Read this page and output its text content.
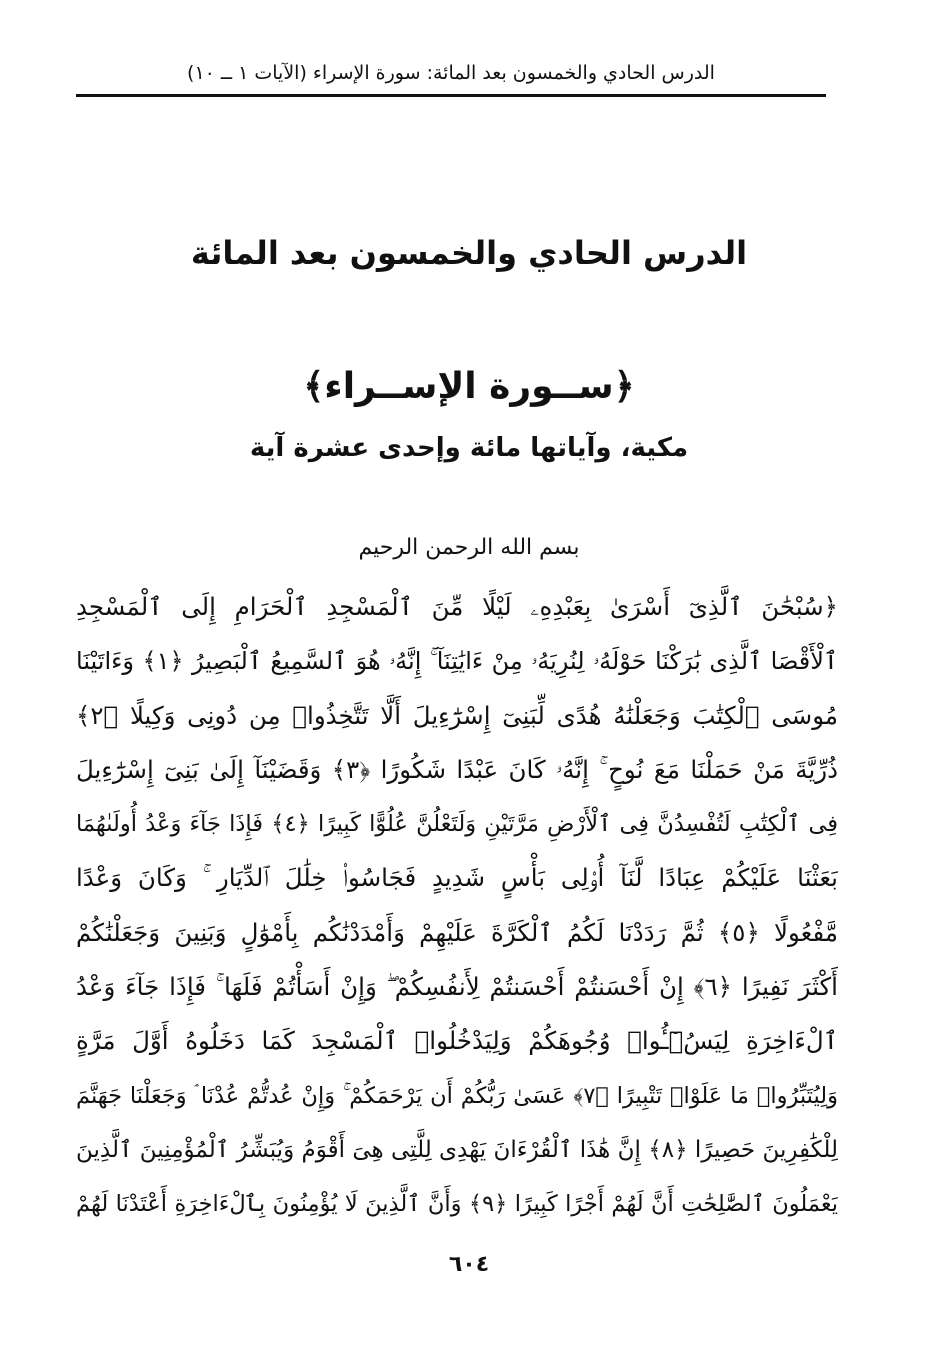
الدرس الحادي والخمسون بعد المائة: سورة الإسراء (الآيات ١ ــ ١٠)
الدرس الحادي والخمسون بعد المائة
﴿ســورة الإســراء﴾
مكية، وآياتها مائة وإحدى عشرة آية
بسم الله الرحمن الرحيم
﴿سُبْحَٰنَ ٱلَّذِىٓ أَسْرَىٰ بِعَبْدِهِۦ لَيْلًا مِّنَ ٱلْمَسْجِدِ ٱلْحَرَامِ إِلَى ٱلْمَسْجِدِ
ٱلْأَقْصَا ٱلَّذِى بَٰرَكْنَا حَوْلَهُۥ لِنُرِيَهُۥ مِنْ ءَايَٰتِنَآ ۚ إِنَّهُۥ هُوَ ٱلسَّمِيعُ ٱلْبَصِيرُ ﴿١﴾ وَءَاتَيْنَا
مُوسَى ٱلْكِتَٰبَ وَجَعَلْنَٰهُ هُدًى لِّبَنِىٓ إِسْرَٰٓءِيلَ أَلَّا تَتَّخِذُوا۟ مِن دُونِى وَكِيلًا ﴿٢﴾
ذُرِّيَّةَ مَنْ حَمَلْنَا مَعَ نُوحٍ ۚ إِنَّهُۥ كَانَ عَبْدًا شَكُورًا ﴿٣﴾ وَقَضَيْنَآ إِلَىٰ بَنِىٓ إِسْرَٰٓءِيلَ
فِى ٱلْكِتَٰبِ لَتُفْسِدُنَّ فِى ٱلْأَرْضِ مَرَّتَيْنِ وَلَتَعْلُنَّ عُلُوًّا كَبِيرًا ﴿٤﴾ فَإِذَا جَآءَ وَعْدُ أُولَىٰهُمَا
بَعَثْنَا عَلَيْكُمْ عِبَادًا لَّنَآ أُو۟لِى بَأْسٍ شَدِيدٍ فَجَاسُوا۟ خِلَٰلَ ٱلدِّيَارِ ۚ وَكَانَ وَعْدًا
مَّفْعُولًا ﴿٥﴾ ثُمَّ رَدَدْنَا لَكُمُ ٱلْكَرَّةَ عَلَيْهِمْ وَأَمْدَدْنَٰكُم بِأَمْوَٰلٍ وَبَنِينَ وَجَعَلْنَٰكُمْ
أَكْثَرَ نَفِيرًا ﴿٦﴾ إِنْ أَحْسَنتُمْ أَحْسَنتُمْ لِأَنفُسِكُمْ ۖ وَإِنْ أَسَأْتُمْ فَلَهَا ۚ فَإِذَا جَآءَ وَعْدُ
ٱلْءَاخِرَةِ لِيَسُۥٓـُٔوا۟ وُجُوهَكُمْ وَلِيَدْخُلُوا۟ ٱلْمَسْجِدَ كَمَا دَخَلُوهُ أَوَّلَ مَرَّةٍ
وَلِيُتَبِّرُوا۟ مَا عَلَوْا۟ تَتْبِيرًا ﴿٧﴾ عَسَىٰ رَبُّكُمْ أَن يَرْحَمَكُمْ ۚ وَإِنْ عُدتُّمْ عُدْنَا ۘ وَجَعَلْنَا جَهَنَّمَ
لِلْكَٰفِرِينَ حَصِيرًا ﴿٨﴾ إِنَّ هَٰذَا ٱلْقُرْءَانَ يَهْدِى لِلَّتِى هِىَ أَقْوَمُ وَيُبَشِّرُ ٱلْمُؤْمِنِينَ ٱلَّذِينَ
يَعْمَلُونَ ٱلصَّٰلِحَٰتِ أَنَّ لَهُمْ أَجْرًا كَبِيرًا ﴿٩﴾ وَأَنَّ ٱلَّذِينَ لَا يُؤْمِنُونَ بِٱلْءَاخِرَةِ أَعْتَدْنَا لَهُمْ
٦٠٤
